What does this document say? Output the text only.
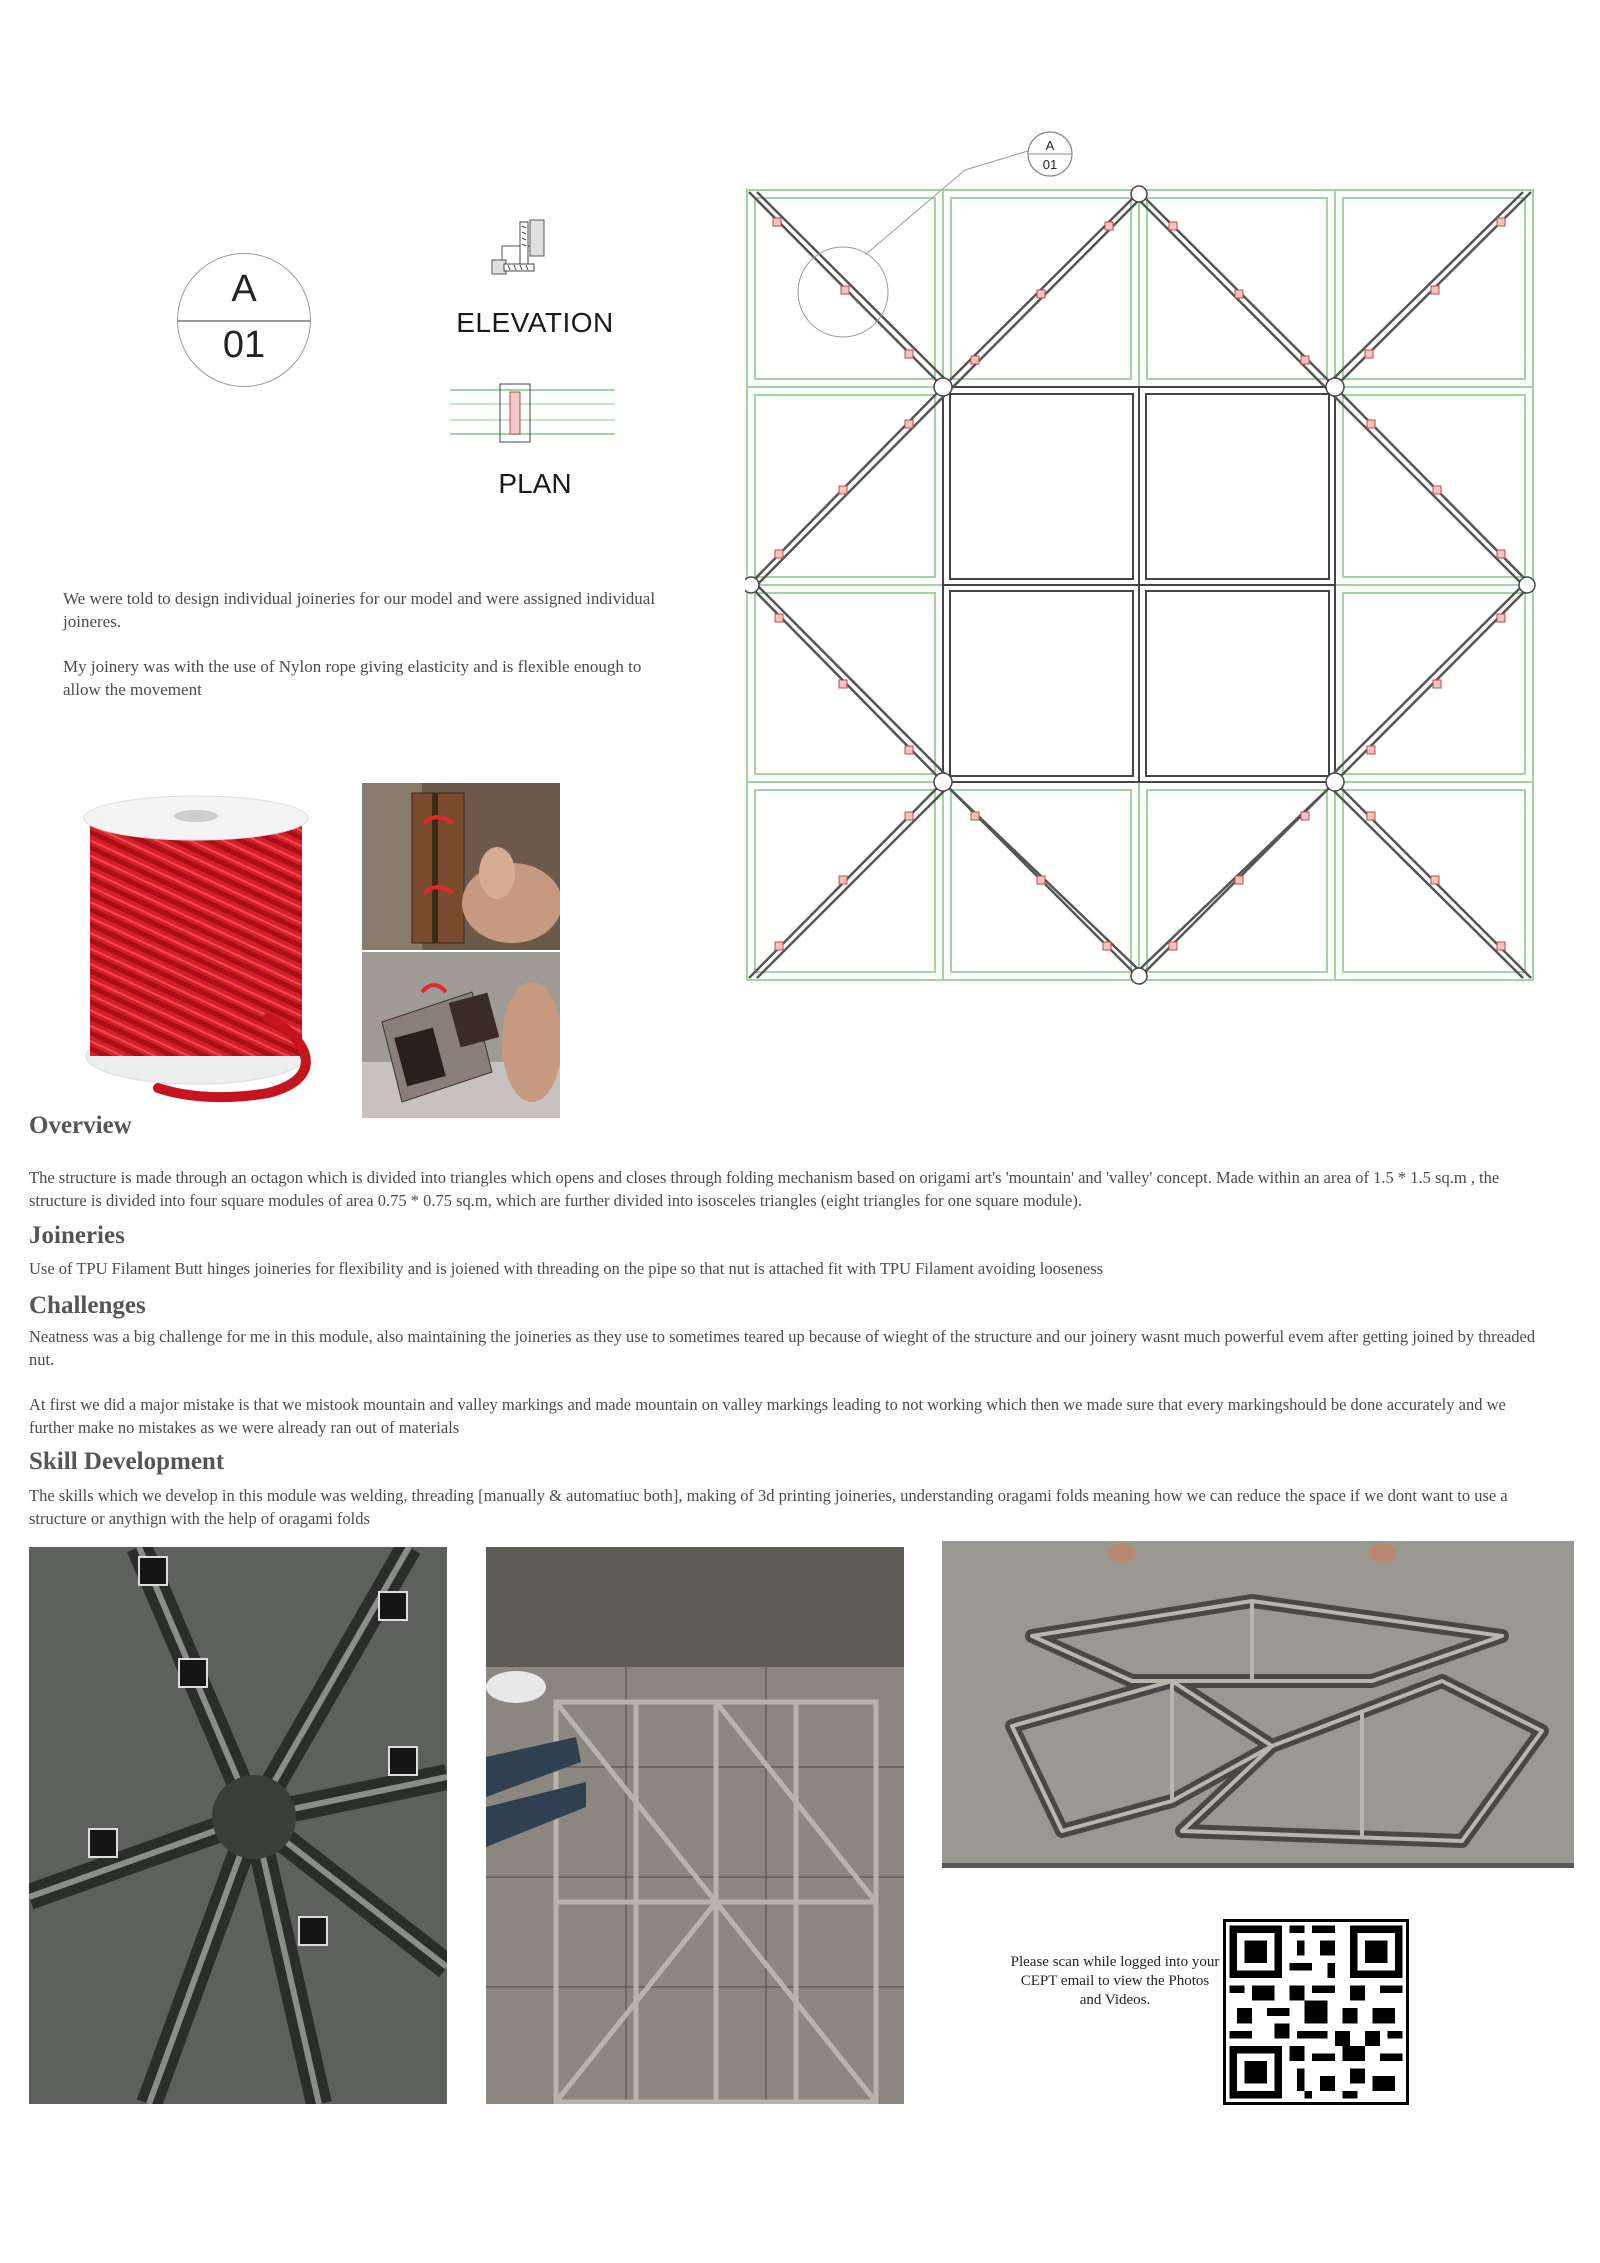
A
01
ELEVATION
PLAN
We were told to design individual joineries for our model and were assigned individual joineres.
My joinery was with the use of Nylon rope giving elasticity and is flexible enough to allow the movement
A
01
Overview
The structure is made through an octagon which is divided into triangles which opens and closes through folding mechanism based on origami art's 'mountain' and 'valley' concept. Made within an area of 1.5 * 1.5 sq.m , the structure is divided into four square modules of area 0.75 * 0.75 sq.m, which are further divided into isosceles triangles (eight triangles for one square module).
Joineries
Use of TPU Filament Butt hinges joineries for flexibility and is joiened with threading on the pipe so that nut is attached fit with TPU Filament avoiding looseness
Challenges
Neatness was a big challenge for me in this module, also maintaining the joineries as they use to sometimes teared up because of wieght of the structure and our joinery wasnt much powerful evem after getting joined by threaded nut.
At first we did a major mistake is that we mistook mountain and valley markings and made mountain on valley markings leading to not working which then we made sure that every markingshould be done accurately and we further make no mistakes as we were already ran out of materials
Skill Development
The skills which we develop in this module was welding, threading [manually & automatiuc both], making of 3d printing joineries, understanding oragami folds meaning how we can reduce the space if we dont want to use a structure or anythign with the help of oragami folds
Please scan while logged into your CEPT email to view the Photos and Videos.
